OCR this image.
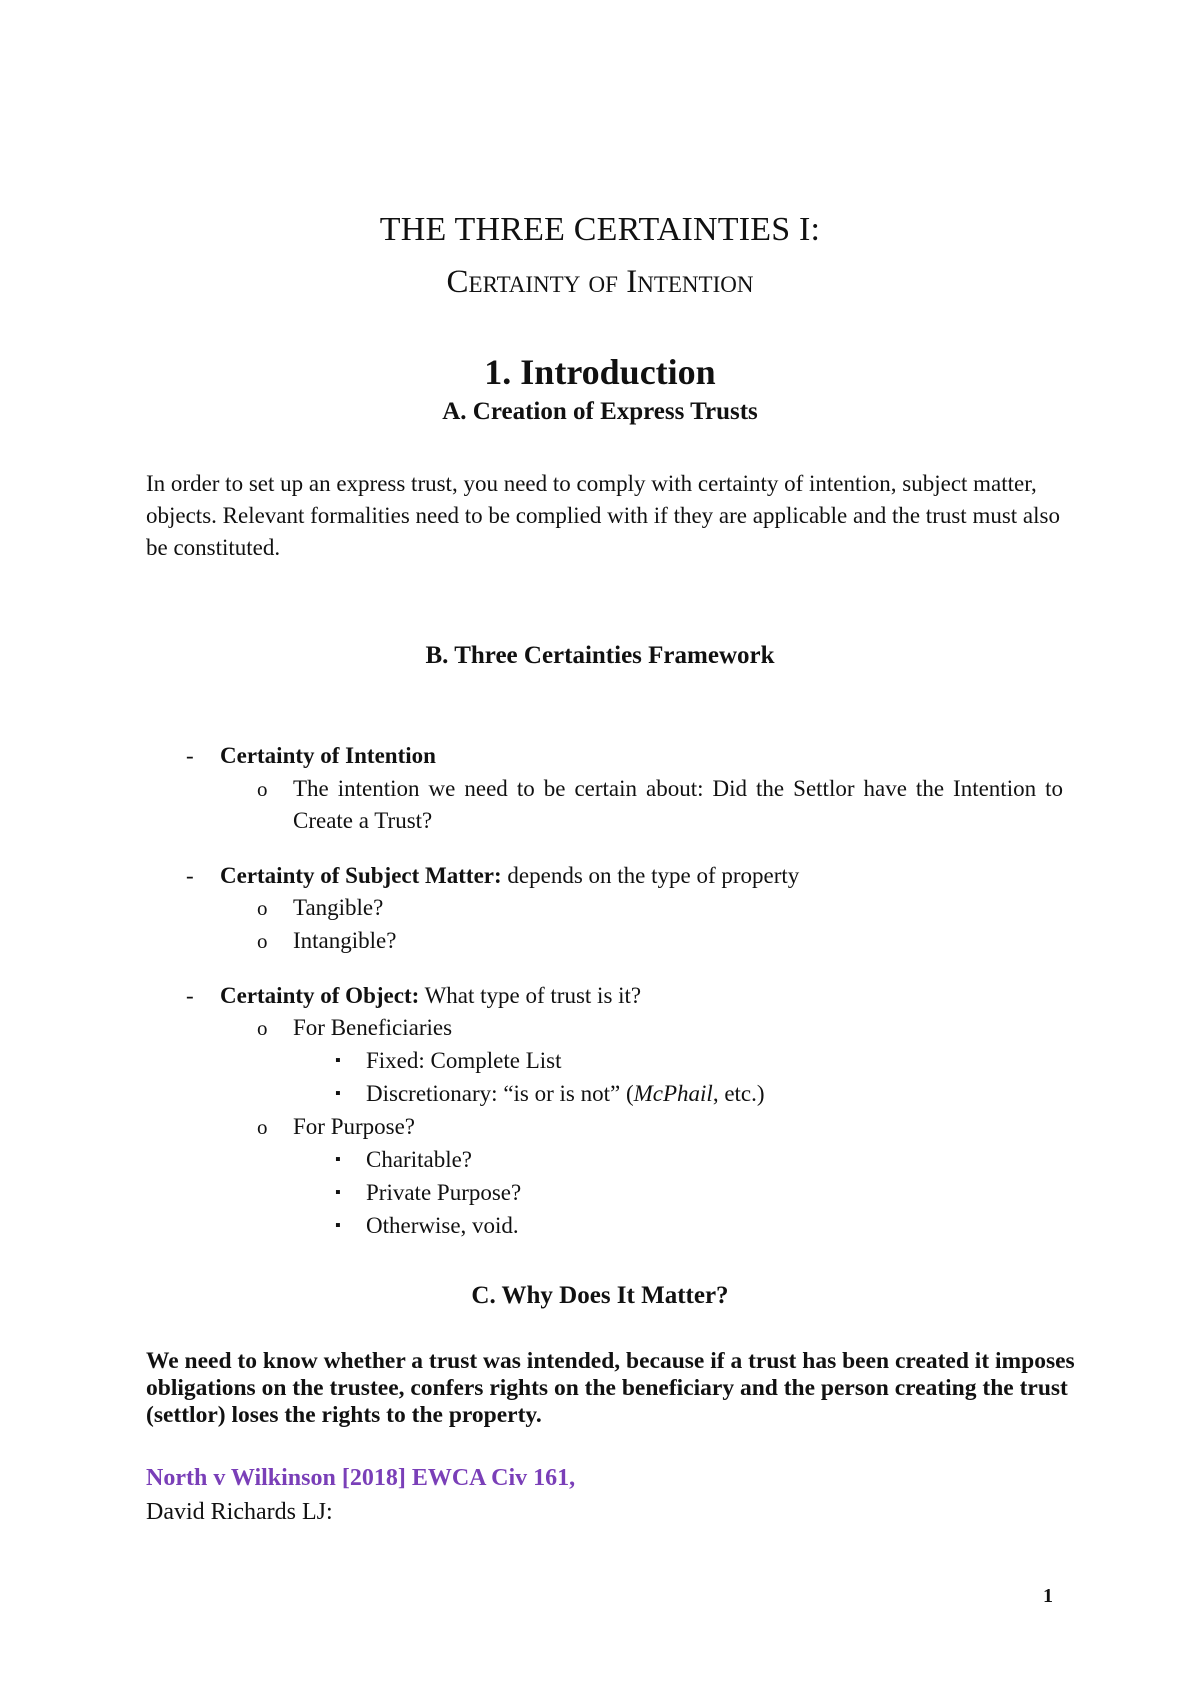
THE THREE CERTAINTIES I:
Certainty of Intention
1. Introduction
A. Creation of Express Trusts

In order to set up an express trust, you need to comply with certainty of intention, subject matter, objects. Relevant formalities need to be complied with if they are applicable and the trust must also be constituted.

B. Three Certainties Framework
- Certainty of Intention
o The intention we need to be certain about: Did the Settlor have the Intention to Create a Trust?
- Certainty of Subject Matter: depends on the type of property
o Tangible?
o Intangible?
- Certainty of Object: What type of trust is it?
o For Beneficiaries
▪ Fixed: Complete List
▪ Discretionary: “is or is not” (McPhail, etc.)
o For Purpose?
▪ Charitable?
▪ Private Purpose?
▪ Otherwise, void.
C. Why Does It Matter?

We need to know whether a trust was intended, because if a trust has been created it imposes obligations on the trustee, confers rights on the beneficiary and the person creating the trust (settlor) loses the rights to the property.

North v Wilkinson [2018] EWCA Civ 161,
David Richards LJ:
1
